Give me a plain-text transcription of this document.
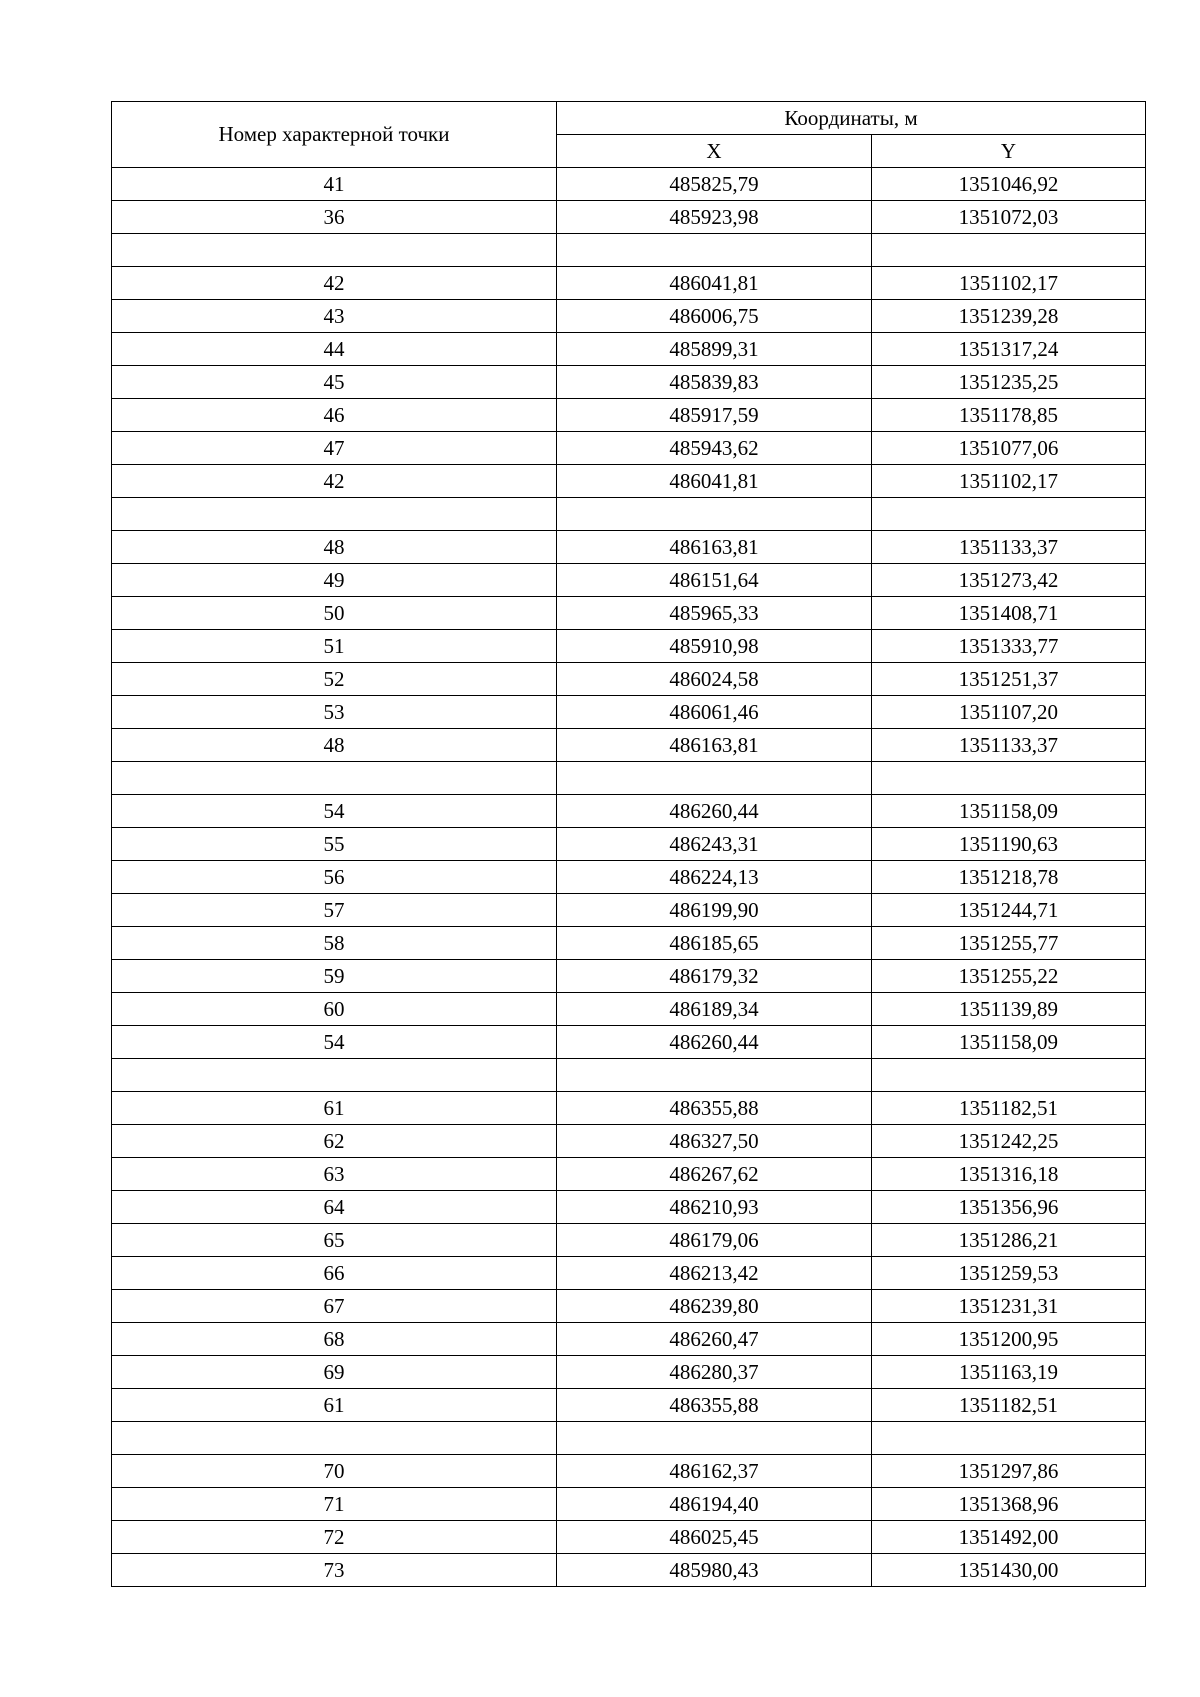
Номер характерной точки	Координаты, м	
	X	Y
41	485825,79	1351046,92
36	485923,98	1351072,03

42	486041,81	1351102,17
43	486006,75	1351239,28
44	485899,31	1351317,24
45	485839,83	1351235,25
46	485917,59	1351178,85
47	485943,62	1351077,06
42	486041,81	1351102,17

48	486163,81	1351133,37
49	486151,64	1351273,42
50	485965,33	1351408,71
51	485910,98	1351333,77
52	486024,58	1351251,37
53	486061,46	1351107,20
48	486163,81	1351133,37

54	486260,44	1351158,09
55	486243,31	1351190,63
56	486224,13	1351218,78
57	486199,90	1351244,71
58	486185,65	1351255,77
59	486179,32	1351255,22
60	486189,34	1351139,89
54	486260,44	1351158,09

61	486355,88	1351182,51
62	486327,50	1351242,25
63	486267,62	1351316,18
64	486210,93	1351356,96
65	486179,06	1351286,21
66	486213,42	1351259,53
67	486239,80	1351231,31
68	486260,47	1351200,95
69	486280,37	1351163,19
61	486355,88	1351182,51

70	486162,37	1351297,86
71	486194,40	1351368,96
72	486025,45	1351492,00
73	485980,43	1351430,00
